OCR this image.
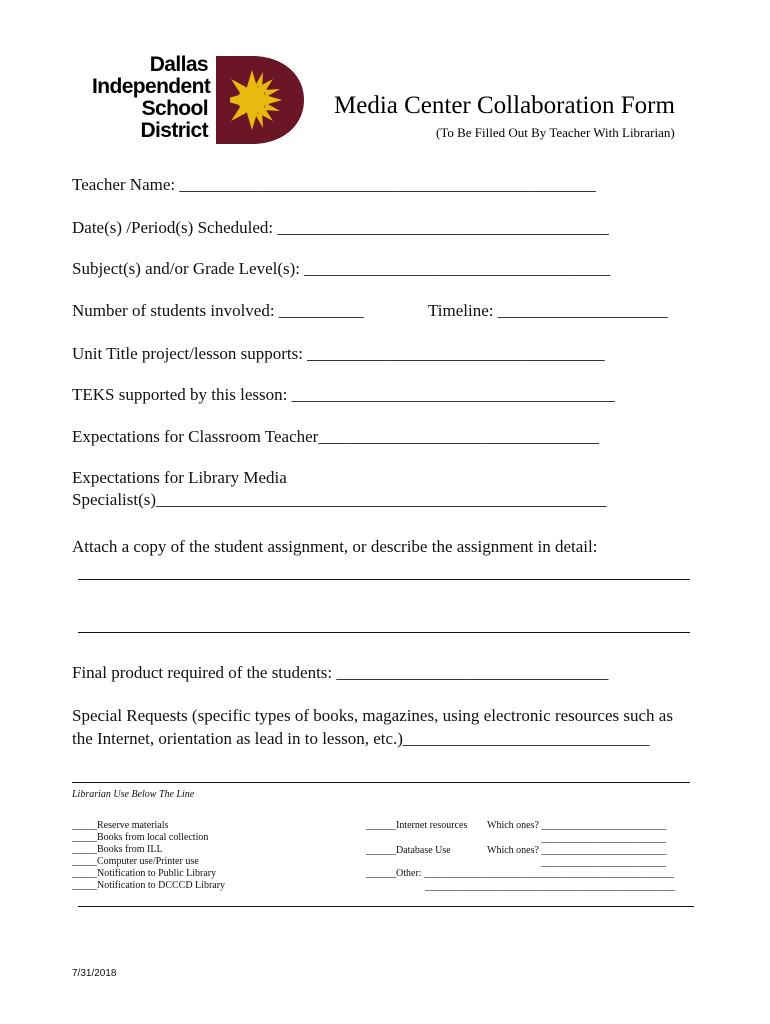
Dallas
Independent
School
District
Media Center Collaboration Form
(To Be Filled Out By Teacher With Librarian)
Teacher Name: _________________________________________________
Date(s) /Period(s) Scheduled: _______________________________________
Subject(s) and/or Grade Level(s): ____________________________________
Number of students involved: __________	Timeline: ____________________
Unit Title project/lesson supports: ___________________________________
TEKS supported by this lesson: ______________________________________
Expectations for Classroom Teacher_________________________________
Expectations for Library Media
Specialist(s)_____________________________________________________
Attach a copy of the student assignment, or describe the assignment in detail:
Final product required of the students: ________________________________
Special Requests (specific types of books, magazines, using electronic resources such as
the Internet, orientation as lead in to lesson, etc.)_____________________________
Librarian Use Below The Line
_____Reserve materials
_____Books from local collection
_____Books from ILL
_____Computer use/Printer use
_____Notification to Public Library
_____Notification to DCCCD Library
______Internet resources Which ones? _________________________
_________________________
______Database Use	Which ones? _________________________
_________________________
______Other: __________________________________________________
__________________________________________________
7/31/2018
